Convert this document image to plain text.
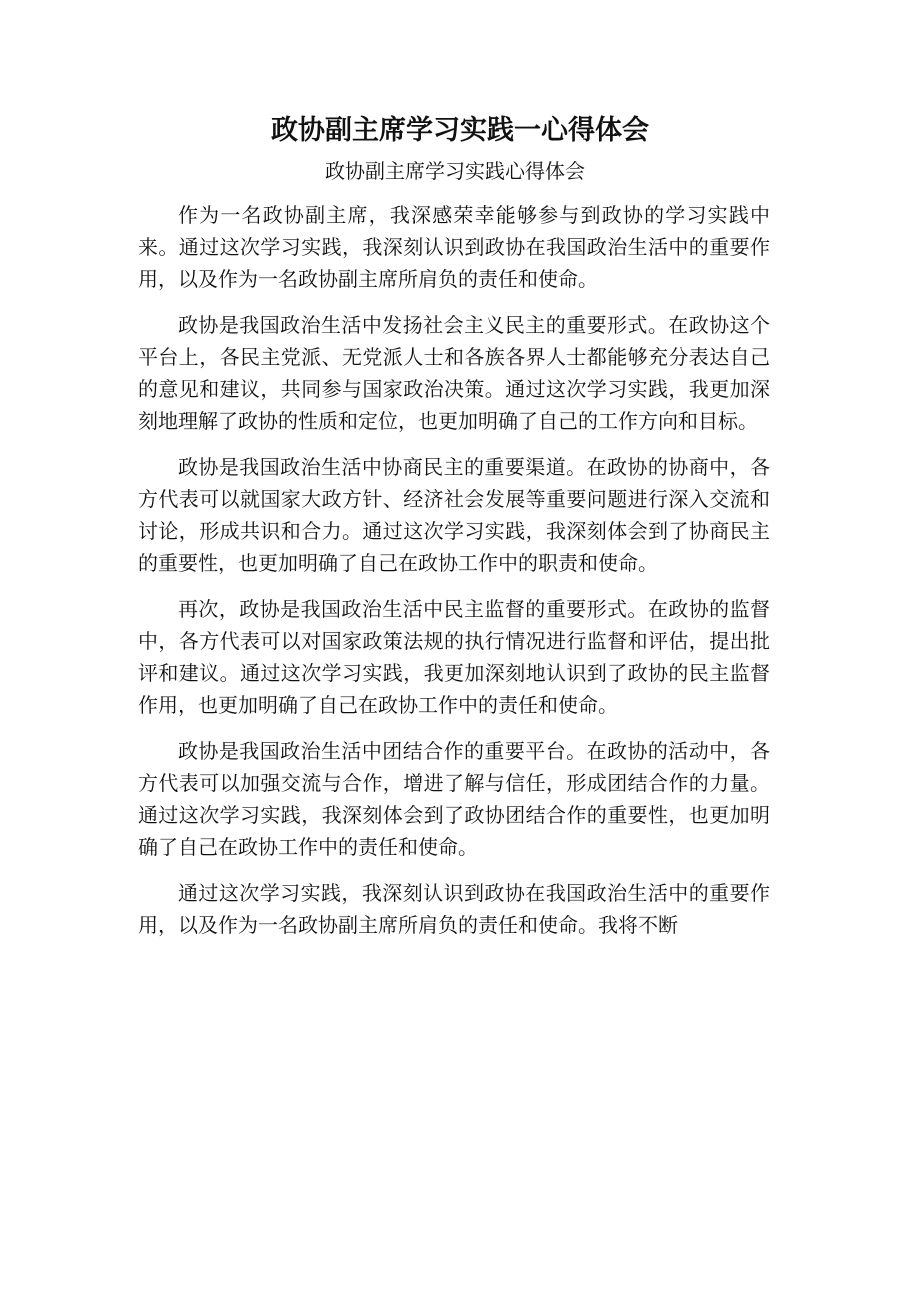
政协副主席学习实践一心得体会
政协副主席学习实践心得体会

作为一名政协副主席，我深感荣幸能够参与到政协的学习实践中来。通过这次学习实践，我深刻认识到政协在我国政治生活中的重要作用，以及作为一名政协副主席所肩负的责任和使命。

政协是我国政治生活中发扬社会主义民主的重要形式。在政协这个平台上，各民主党派、无党派人士和各族各界人士都能够充分表达自己的意见和建议，共同参与国家政治决策。通过这次学习实践，我更加深刻地理解了政协的性质和定位，也更加明确了自己的工作方向和目标。

政协是我国政治生活中协商民主的重要渠道。在政协的协商中，各方代表可以就国家大政方针、经济社会发展等重要问题进行深入交流和讨论，形成共识和合力。通过这次学习实践，我深刻体会到了协商民主的重要性，也更加明确了自己在政协工作中的职责和使命。

再次，政协是我国政治生活中民主监督的重要形式。在政协的监督中，各方代表可以对国家政策法规的执行情况进行监督和评估，提出批评和建议。通过这次学习实践，我更加深刻地认识到了政协的民主监督作用，也更加明确了自己在政协工作中的责任和使命。

政协是我国政治生活中团结合作的重要平台。在政协的活动中，各方代表可以加强交流与合作，增进了解与信任，形成团结合作的力量。通过这次学习实践，我深刻体会到了政协团结合作的重要性，也更加明确了自己在政协工作中的责任和使命。

通过这次学习实践，我深刻认识到政协在我国政治生活中的重要作用，以及作为一名政协副主席所肩负的责任和使命。我将不断
